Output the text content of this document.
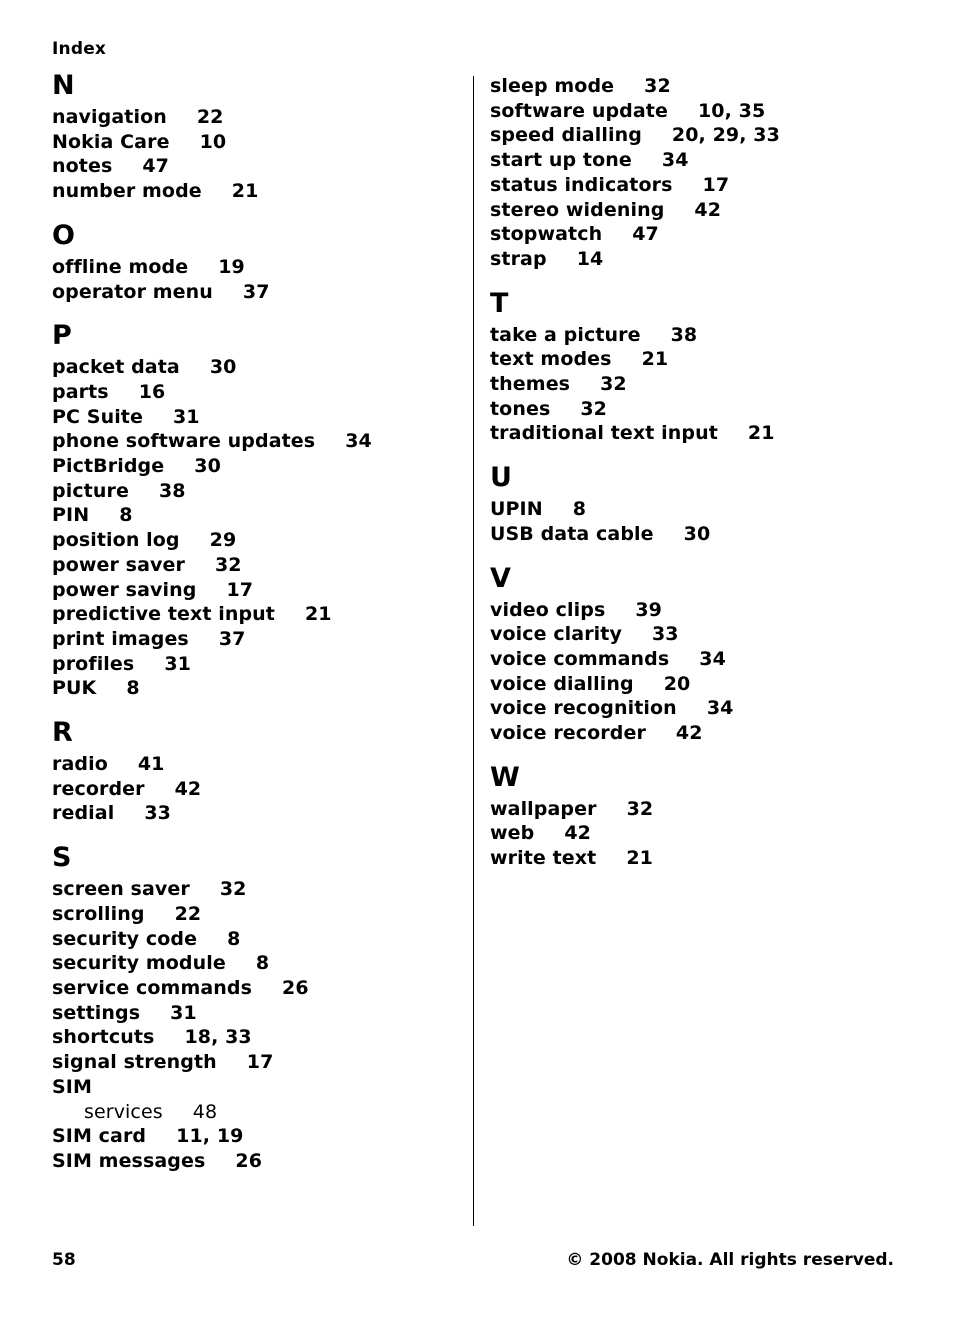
Index
N
navigation 22
Nokia Care 10
notes 47
number mode 21
O
offline mode 19
operator menu 37
P
packet data 30
parts 16
PC Suite 31
phone software updates 34
PictBridge 30
picture 38
PIN 8
position log 29
power saver 32
power saving 17
predictive text input 21
print images 37
profiles 31
PUK 8
R
radio 41
recorder 42
redial 33
S
screen saver 32
scrolling 22
security code 8
security module 8
service commands 26
settings 31
shortcuts 18, 33
signal strength 17
SIM
services 48
SIM card 11, 19
SIM messages 26
sleep mode 32
software update 10, 35
speed dialling 20, 29, 33
start up tone 34
status indicators 17
stereo widening 42
stopwatch 47
strap 14
T
take a picture 38
text modes 21
themes 32
tones 32
traditional text input 21
U
UPIN 8
USB data cable 30
V
video clips 39
voice clarity 33
voice commands 34
voice dialling 20
voice recognition 34
voice recorder 42
W
wallpaper 32
web 42
write text 21
58	© 2008 Nokia. All rights reserved.
